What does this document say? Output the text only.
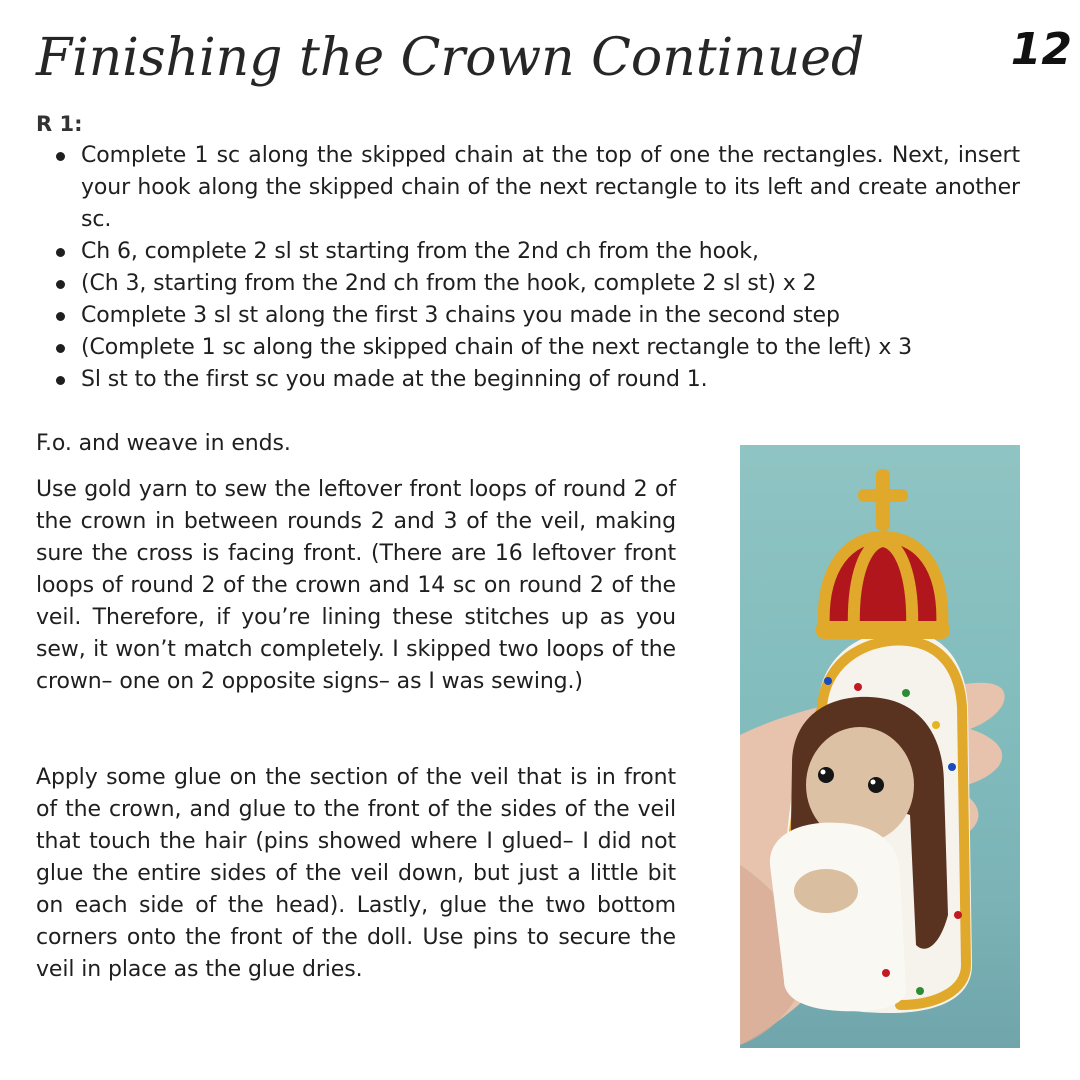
Finishing the Crown Continued	12
R 1:
Complete 1 sc along the skipped chain at the top of one the rectangles. Next, insert your hook along the skipped chain of the next rectangle to its left and create another sc.
Ch 6, complete 2 sl st starting from the 2nd ch from the hook,
(Ch 3, starting from the 2nd ch from the hook, complete 2 sl st) x 2
Complete 3 sl st along the first 3 chains you made in the second step
(Complete 1 sc along the skipped chain of the next rectangle to the left) x 3
Sl st to the first sc you made at the beginning of round 1.

F.o. and weave in ends.

Use gold yarn to sew the leftover front loops of round 2 of the crown in between rounds 2 and 3 of the veil, making sure the cross is facing front. (There are 16 leftover front loops of round 2 of the crown and 14 sc on round 2 of the veil. Therefore, if you’re lining these stitches up as you sew, it won’t match completely. I skipped two loops of the crown– one on 2 opposite signs– as I was sewing.)

Apply some glue on the section of the veil that is in front of the crown, and glue to the front of the sides of the veil that touch the hair (pins showed where I glued– I did not glue the entire sides of the veil down, but just a little bit on each side of the head). Lastly, glue the two bottom corners onto the front of the doll. Use pins to secure the veil in place as the glue dries.
